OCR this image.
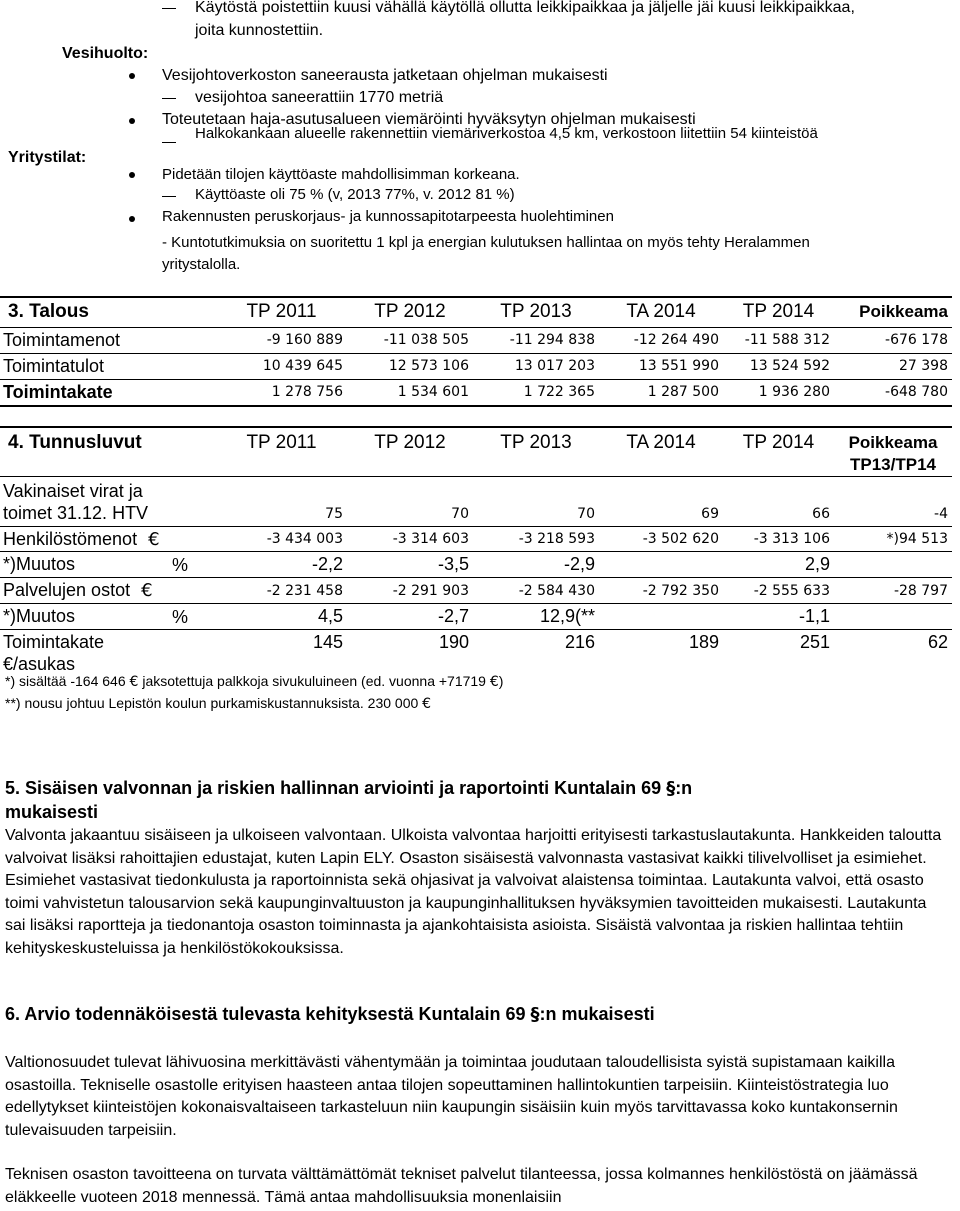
Käytöstä poistettiin kuusi vähällä käytöllä ollutta leikkipaikkaa ja jäljelle jäi kuusi leikkipaikkaa,
joita kunnostettiin.
Vesihuolto:
Vesijohtoverkoston saneerausta jatketaan ohjelman mukaisesti
vesijohtoa saneerattiin 1770 metriä
Toteutetaan haja-asutusalueen viemäröinti hyväksytyn ohjelman mukaisesti
Halkokankaan alueelle rakennettiin viemäriverkostoa 4,5 km, verkostoon liitettiin 54 kiinteistöä
Yritystilat:
Pidetään tilojen käyttöaste mahdollisimman korkeana.
Käyttöaste oli 75 % (v, 2013 77%, v. 2012 81 %)
Rakennusten peruskorjaus- ja kunnossapitotarpeesta huolehtiminen
- Kuntotutkimuksia on suoritettu 1 kpl ja energian kulutuksen hallintaa on myös tehty Heralammen
yritystalolla.
3. Talous	TP 2011	TP 2012	TP 2013	TA 2014	TP 2014	Poikkeama
Toimintamenot	-9 160 889	-11 038 505	-11 294 838	-12 264 490	-11 588 312	-676 178
Toimintatulot	10 439 645	12 573 106	13 017 203	13 551 990	13 524 592	27 398
Toimintakate	1 278 756	1 534 601	1 722 365	1 287 500	1 936 280	-648 780
4. Tunnusluvut	TP 2011	TP 2012	TP 2013	TA 2014	TP 2014	Poikkeama
TP13/TP14

Vakinaiset virat ja
toimet 31.12. HTV	75	70	70	69	66	-4
Henkilöstömenot €	-3 434 003	-3 314 603	-3 218 593	-3 502 620	-3 313 106	*)94 513
*)Muutos %	-2,2	-3,5	-2,9		2,9	
Palvelujen ostot €	-2 231 458	-2 291 903	-2 584 430	-2 792 350	-2 555 633	-28 797
*)Muutos %	4,5	-2,7	12,9(**		-1,1	

Toimintakate
€/asukas	145	190	216	189	251	62
*) sisältää -164 646 € jaksotettuja palkkoja sivukuluineen (ed. vuonna +71719 €)
**) nousu johtuu Lepistön koulun purkamiskustannuksista. 230 000 €
5. Sisäisen valvonnan ja riskien hallinnan arviointi ja raportointi Kuntalain 69 §:n
mukaisesti
Valvonta jakaantuu sisäiseen ja ulkoiseen valvontaan. Ulkoista valvontaa harjoitti erityisesti tarkastuslautakunta. Hankkeiden taloutta valvoivat lisäksi rahoittajien edustajat, kuten Lapin ELY. Osaston sisäisestä valvonnasta vastasivat kaikki tilivelvolliset ja esimiehet. Esimiehet vastasivat tiedonkulusta ja raportoinnista sekä ohjasivat ja valvoivat alaistensa toimintaa. Lautakunta valvoi, että osasto toimi vahvistetun talousarvion sekä kaupunginvaltuuston ja kaupunginhallituksen hyväksymien tavoitteiden mukaisesti. Lautakunta sai lisäksi raportteja ja tiedonantoja osaston toiminnasta ja ajankohtaisista asioista. Sisäistä valvontaa ja riskien hallintaa tehtiin kehityskeskusteluissa ja henkilöstökokouksissa.
6. Arvio todennäköisestä tulevasta kehityksestä Kuntalain 69 §:n mukaisesti
Valtionosuudet tulevat lähivuosina merkittävästi vähentymään ja toimintaa joudutaan taloudellisista syistä supistamaan kaikilla osastoilla. Tekniselle osastolle erityisen haasteen antaa tilojen sopeuttaminen hallintokuntien tarpeisiin. Kiinteistöstrategia luo edellytykset kiinteistöjen kokonaisvaltaiseen tarkasteluun niin kaupungin sisäisiin kuin myös tarvittavassa koko kuntakonsernin tulevaisuuden tarpeisiin.
Teknisen osaston tavoitteena on turvata välttämättömät tekniset palvelut tilanteessa, jossa kolmannes henkilöstöstä on jäämässä eläkkeelle vuoteen 2018 mennessä. Tämä antaa mahdollisuuksia monenlaisiin
